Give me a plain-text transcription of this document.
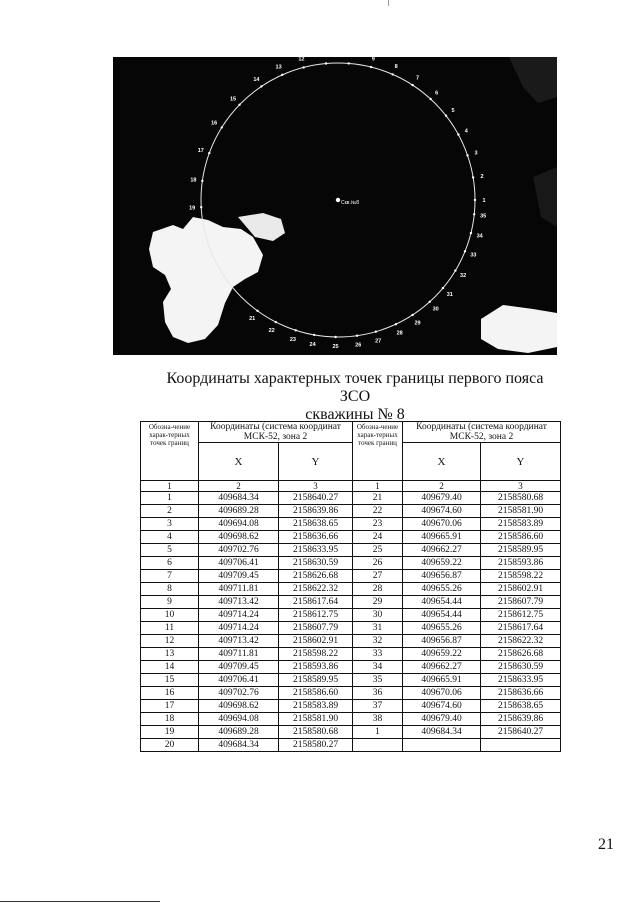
Скв.№8	1
2
3
4
5
6
7
8
9
10
11
12
13
14
15
16
17
18
19
21
22
23
24	25	26
27
28
29
30
31
32
33
34
35
Координаты характерных точек границы первого пояса ЗСО
скважины № 8
Обозна-чение харак-терных точек границ	Координаты (система координат МСК-52, зона 2		Обозна-чение харак-терных точек границ	Координаты (система координат МСК-52, зона 2	
	X	Y		X	Y
1	2	3	1	2	3
1	409684.34	2158640.27	21	409679.40	2158580.68
2	409689.28	2158639.86	22	409674.60	2158581.90
3	409694.08	2158638.65	23	409670.06	2158583.89
4	409698.62	2158636.66	24	409665.91	2158586.60
5	409702.76	2158633.95	25	409662.27	2158589.95
6	409706.41	2158630.59	26	409659.22	2158593.86
7	409709.45	2158626.68	27	409656.87	2158598.22
8	409711.81	2158622.32	28	409655.26	2158602.91
9	409713.42	2158617.64	29	409654.44	2158607.79
10	409714.24	2158612.75	30	409654.44	2158612.75
11	409714.24	2158607.79	31	409655.26	2158617.64
12	409713.42	2158602.91	32	409656.87	2158622.32
13	409711.81	2158598.22	33	409659.22	2158626.68
14	409709.45	2158593.86	34	409662.27	2158630.59
15	409706.41	2158589.95	35	409665.91	2158633.95
16	409702.76	2158586.60	36	409670.06	2158636.66
17	409698.62	2158583.89	37	409674.60	2158638.65
18	409694.08	2158581.90	38	409679.40	2158639.86
19	409689.28	2158580.68	1	409684.34	2158640.27
20	409684.34	2158580.27			
21
